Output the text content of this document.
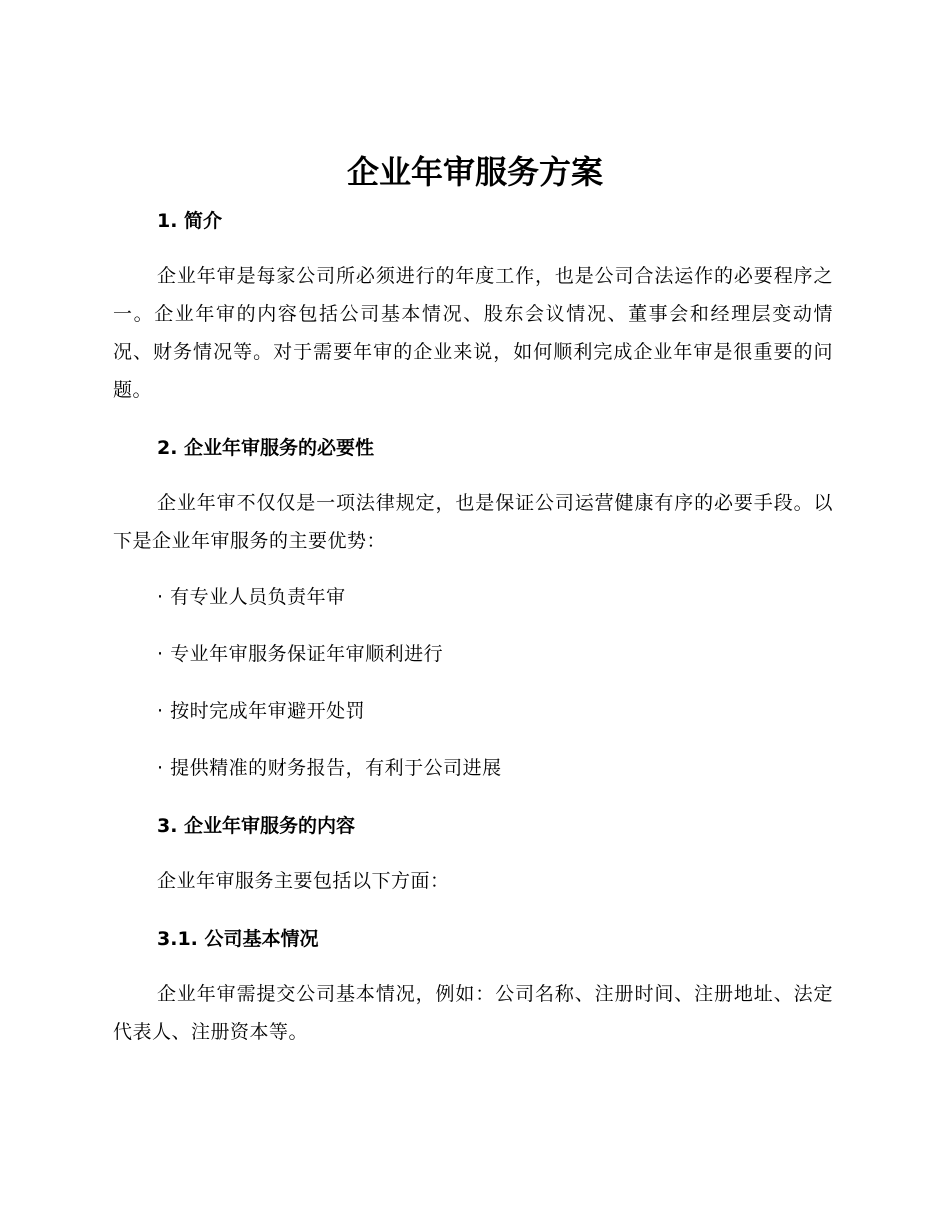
企业年审服务方案
1. 简介

企业年审是每家公司所必须进行的年度工作，也是公司合法运作的必要程序之一。企业年审的内容包括公司基本情况、股东会议情况、董事会和经理层变动情况、财务情况等。对于需要年审的企业来说，如何顺利完成企业年审是很重要的问题。

2. 企业年审服务的必要性

企业年审不仅仅是一项法律规定，也是保证公司运营健康有序的必要手段。以下是企业年审服务的主要优势：

· 有专业人员负责年审

· 专业年审服务保证年审顺利进行

· 按时完成年审避开处罚

· 提供精准的财务报告，有利于公司进展

3. 企业年审服务的内容

企业年审服务主要包括以下方面：

3.1. 公司基本情况

企业年审需提交公司基本情况，例如：公司名称、注册时间、注册地址、法定代表人、注册资本等。
